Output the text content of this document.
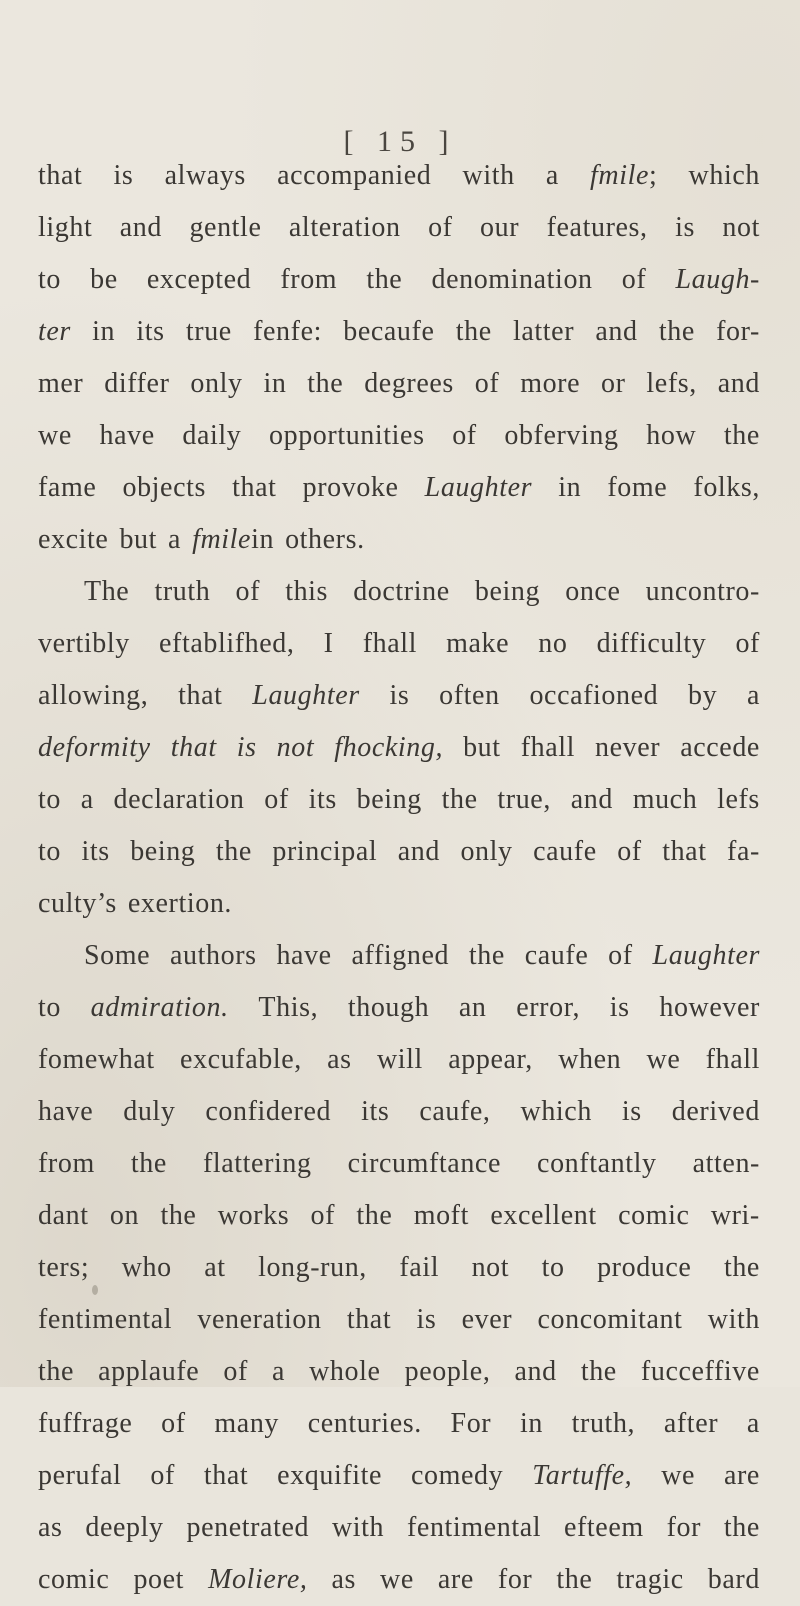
[ 15 ]
that is always accompanied with a fmile; which
light and gentle alteration of our features, is not
to be excepted from the denomination of Laugh-
ter in its true fenfe: becaufe the latter and the for-
mer differ only in the degrees of more or lefs, and
we have daily opportunities of obferving how the
fame objects that provoke Laughter in fome folks,
excite but a fmile in others.
The truth of this doctrine being once uncontro-
vertibly eftablifhed, I fhall make no difficulty of
allowing, that Laughter is often occafioned by a
deformity that is not fhocking, but fhall never accede
to a declaration of its being the true, and much lefs
to its being the principal and only caufe of that fa-
culty’s exertion.
Some authors have affigned the caufe of Laughter
to admiration. This, though an error, is however
fomewhat excufable, as will appear, when we fhall
have duly confidered its caufe, which is derived
from the flattering circumftance conftantly atten-
dant on the works of the moft excellent comic wri-
ters; who at long-run, fail not to produce the
fentimental veneration that is ever concomitant with
the applaufe of a whole people, and the fucceffive
fuffrage of many centuries. For in truth, after a
perufal of that exquifite comedy Tartuffe, we are
as deeply penetrated with fentimental efteem for the
comic poet Moliere, as we are for the tragic bard
